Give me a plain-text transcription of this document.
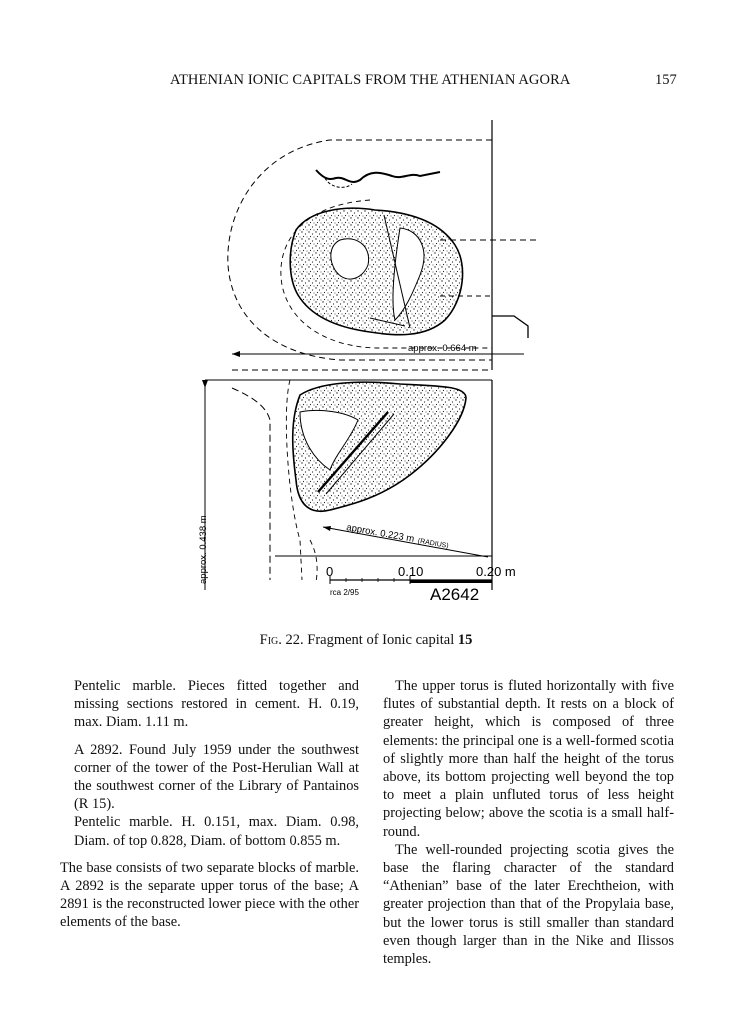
ATHENIAN IONIC CAPITALS FROM THE ATHENIAN AGORA	157
approx. 0.664 m
approx. 0.438 m	approx. 0.223 m (RADIUS)
0	0.10	0.20 m
rca 2/95	A2642
Fig. 22. Fragment of Ionic capital 15

Pentelic marble. Pieces fitted together and missing sections restored in cement. H. 0.19, max. Diam. 1.11 m.

A 2892. Found July 1959 under the southwest corner of the tower of the Post-Herulian Wall at the southwest corner of the Library of Pantainos (R 15).

Pentelic marble. H. 0.151, max. Diam. 0.98, Diam. of top 0.828, Diam. of bottom 0.855 m.

The base consists of two separate blocks of marble. A 2892 is the separate upper torus of the base; A 2891 is the reconstructed lower piece with the other elements of the base.

The upper torus is fluted horizontally with five flutes of substantial depth. It rests on a block of greater height, which is composed of three elements: the principal one is a well-formed scotia of slightly more than half the height of the torus above, its bottom projecting well beyond the top to meet a plain unfluted torus of less height projecting below; above the scotia is a small half-round.

The well-rounded projecting scotia gives the base the flaring character of the standard “Athenian” base of the later Erechtheion, with greater projection than that of the Propylaia base, but the lower torus is still smaller than standard even though larger than in the Nike and Ilissos temples.
